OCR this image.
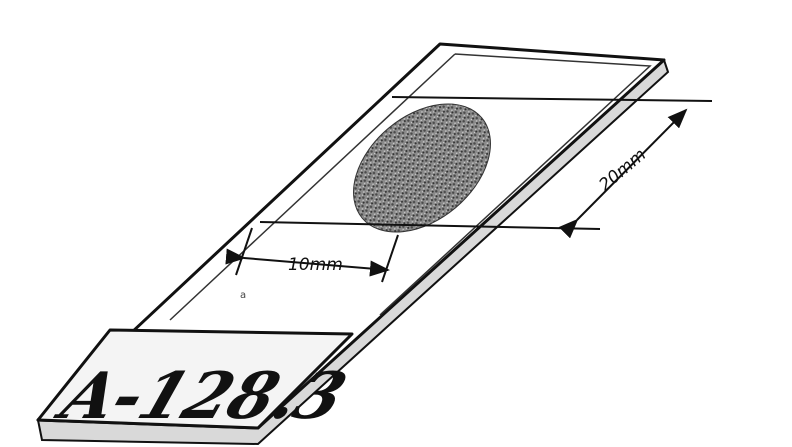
10mm
20mm
a
A-128.3
